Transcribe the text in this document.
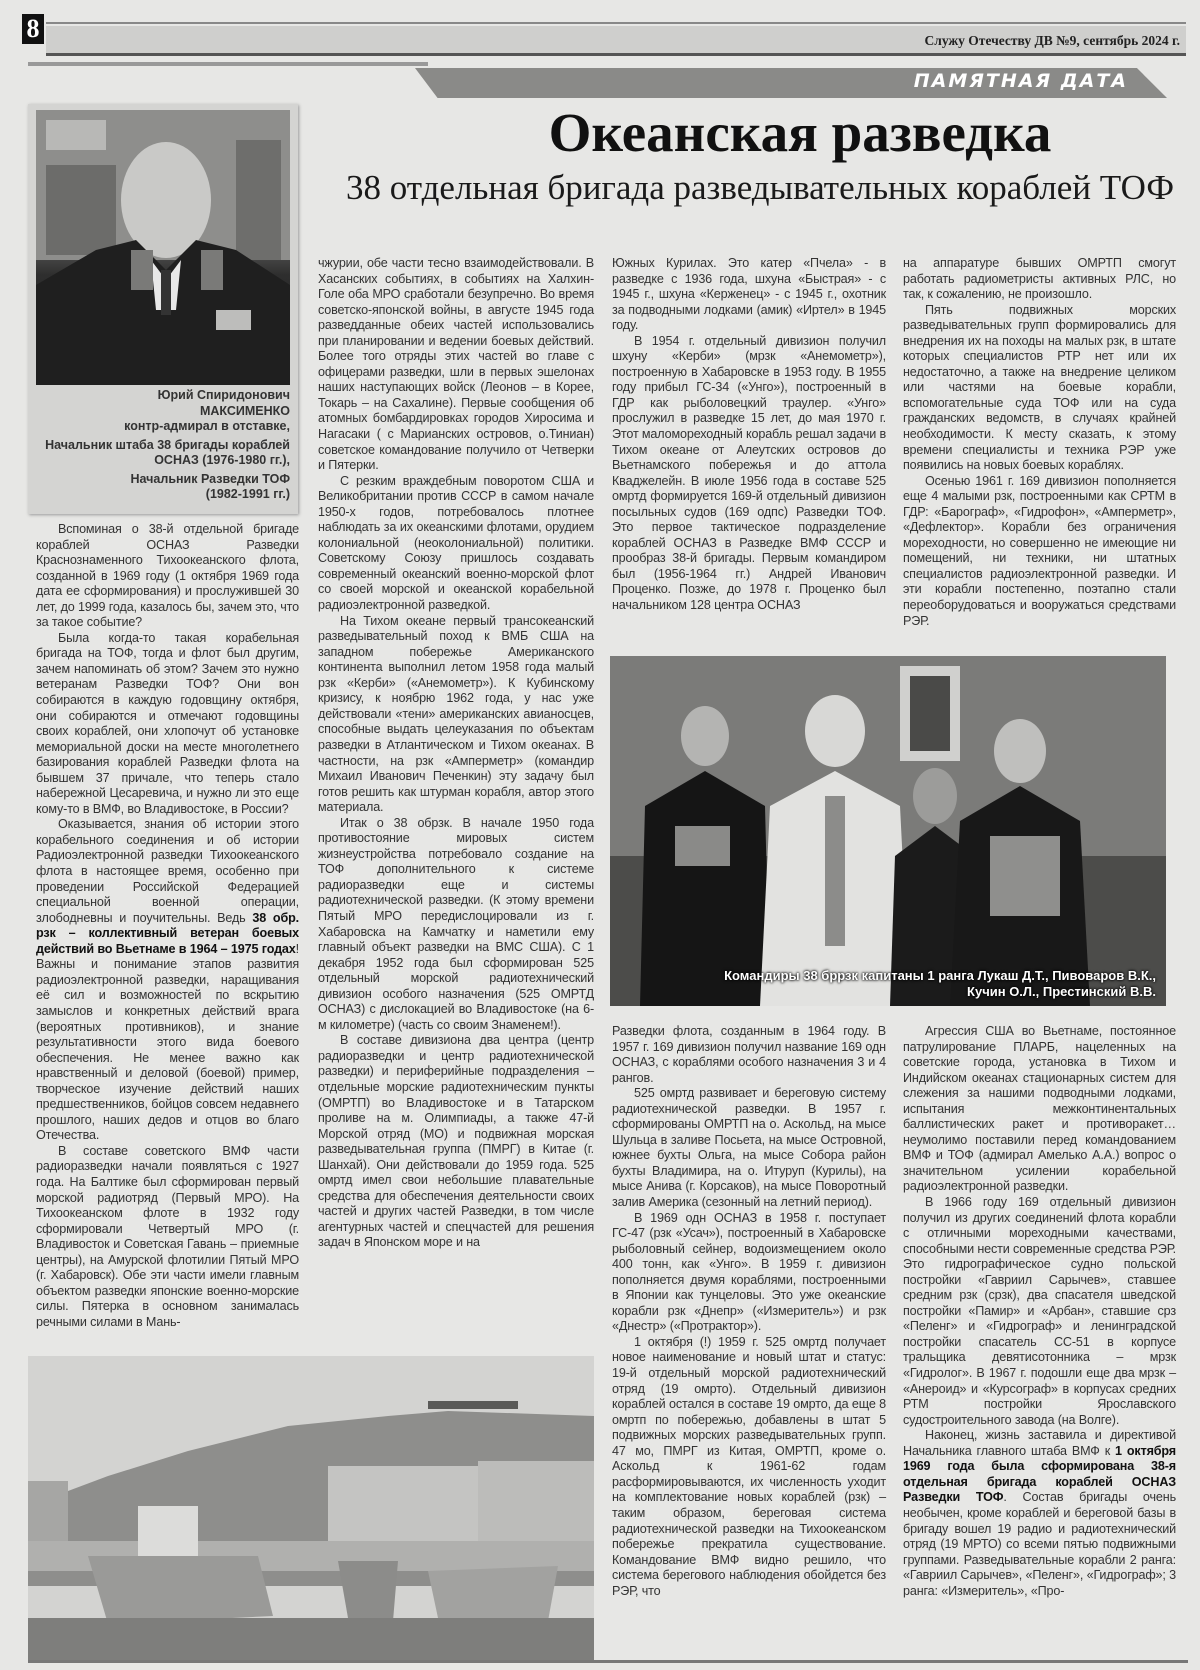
8	Служу Отечеству ДВ №9, сентябрь 2024 г.
ПАМЯТНАЯ ДАТА
Океанская разведка
38 отдельная бригада разведывательных кораблей ТОФ
Юрий Спиридонович
МАКСИМЕНКО
контр-адмирал в отставке,
Начальник штаба 38 бригады кораблей ОСНАЗ (1976-1980 гг.),
Начальник Разведки ТОФ
(1982-1991 гг.)

Вспоминая о 38-й отдельной бригаде кораблей ОСНАЗ Разведки Краснознаменного Тихоокеанского флота, созданной в 1969 году (1 октября 1969 года дата ее сформирования) и прослужившей 30 лет, до 1999 года, казалось бы, зачем это, что за такое событие?

Была когда-то такая корабельная бригада на ТОФ, тогда и флот был другим, зачем напоминать об этом? Зачем это нужно ветеранам Разведки ТОФ? Они вон собираются в каждую годовщину октября, они собираются и отмечают годовщины своих кораблей, они хлопочут об установке мемориальной доски на месте многолетнего базирования кораблей Разведки флота на бывшем 37 причале, что теперь стало набережной Цесаревича, и нужно ли это еще кому-то в ВМФ, во Владивостоке, в России?

Оказывается, знания об истории этого корабельного соединения и об истории Радиоэлектронной разведки Тихоокеанского флота в настоящее время, особенно при проведении Российской Федерацией специальной военной операции, злободневны и поучительны. Ведь 38 обр. рзк – коллективный ветеран боевых действий во Вьетнаме в 1964 – 1975 годах! Важны и понимание этапов развития радиоэлектронной разведки, наращивания её сил и возможностей по вскрытию замыслов и конкретных действий врага (вероятных противников), и знание результативности этого вида боевого обеспечения. Не менее важно как нравственный и деловой (боевой) пример, творческое изучение действий наших предшественников, бойцов совсем недавнего прошлого, наших дедов и отцов во благо Отечества.

В составе советского ВМФ части радиоразведки начали появляться с 1927 года. На Балтике был сформирован первый морской радиотряд (Первый МРО). На Тихоокеанском флоте в 1932 году сформировали Четвертый МРО (г. Владивосток и Советская Гавань – приемные центры), на Амурской флотилии Пятый МРО (г. Хабаровск). Обе эти части имели главным объектом разведки японские военно-морские силы. Пятерка в основном занималась речными силами в Мань-

чжурии, обе части тесно взаимодействовали. В Хасанских событиях, в событиях на Халхин-Голе оба МРО сработали безупречно. Во время советско-японской войны, в августе 1945 года разведданные обеих частей использовались при планировании и ведении боевых действий. Более того отряды этих частей во главе с офицерами разведки, шли в первых эшелонах наших наступающих войск (Леонов – в Корее, Токарь – на Сахалине). Первые сообщения об атомных бомбардировках городов Хиросима и Нагасаки ( с Марианских островов, о.Тиниан) советское командование получило от Четверки и Пятерки.

С резким враждебным поворотом США и Великобритании против СССР в самом начале 1950-х годов, потребовалось плотнее наблюдать за их океанскими флотами, орудием колониальной (неоколониальной) политики. Советскому Союзу пришлось создавать современный океанский военно-морской флот со своей морской и океанской корабельной радиоэлектронной разведкой.

На Тихом океане первый трансокеанский разведывательный поход к ВМБ США на западном побережье Американского континента выполнил летом 1958 года малый рзк «Керби» («Анемометр»). К Кубинскому кризису, к ноябрю 1962 года, у нас уже действовали «тени» американских авианосцев, способные выдать целеуказания по объектам разведки в Атлантическом и Тихом океанах. В частности, на рзк «Амперметр» (командир Михаил Иванович Печенкин) эту задачу был готов решить как штурман корабля, автор этого материала.

Итак о 38 обрзк. В начале 1950 года противостояние мировых систем жизнеустройства потребовало создание на ТОФ дополнительного к системе радиоразведки еще и системы радиотехнической разведки. (К этому времени Пятый МРО передислоцировали из г. Хабаровска на Камчатку и наметили ему главный объект разведки на ВМС США). С 1 декабря 1952 года был сформирован 525 отдельный морской радиотехнический дивизион особого назначения (525 ОМРТД ОСНАЗ) с дислокацией во Владивостоке (на 6-м километре) (часть со своим Знаменем!).

В составе дивизиона два центра (центр радиоразведки и центр радиотехнической разведки) и периферийные подразделения – отдельные морские радиотехническим пункты (ОМРТП) во Владивостоке и в Татарском проливе на м. Олимпиады, а также 47-й Морской отряд (МО) и подвижная морская разведывательная группа (ПМРГ) в Китае (г. Шанхай). Они действовали до 1959 года. 525 омртд имел свои небольшие плавательные средства для обеспечения деятельности своих частей и других частей Разведки, в том числе агентурных частей и спецчастей для решения задач в Японском море и на

Южных Курилах. Это катер «Пчела» - в разведке с 1936 года, шхуна «Быстрая» - с 1945 г., шхуна «Керженец» - с 1945 г., охотник за подводными лодками (амик) «Иртел» в 1945 году.

В 1954 г. отдельный дивизион получил шхуну «Керби» (мрзк «Анемометр»), построенную в Хабаровске в 1953 году. В 1955 году прибыл ГС-34 («Унго»), построенный в ГДР как рыболовецкий траулер. «Унго» прослужил в разведке 15 лет, до мая 1970 г. Этот маломореходный корабль решал задачи в Тихом океане от Алеутских островов до Вьетнамского побережья и до аттола Кваджелейн. В июле 1956 года в составе 525 омртд формируется 169-й отдельный дивизион посыльных судов (169 одпс) Разведки ТОФ. Это первое тактическое подразделение кораблей ОСНАЗ в Разведке ВМФ СССР и прообраз 38-й бригады. Первым командиром был (1956-1964 гг.) Андрей Иванович Проценко. Позже, до 1978 г. Проценко был начальником 128 центра ОСНАЗ

на аппаратуре бывших ОМРТП смогут работать радиометристы активных РЛС, но так, к сожалению, не произошло.

Пять подвижных морских разведывательных групп формировались для внедрения их на походы на малых рзк, в штате которых специалистов РТР нет или их недостаточно, а также на внедрение целиком или частями на боевые корабли, вспомогательные суда ТОФ или на суда гражданских ведомств, в случаях крайней необходимости. К месту сказать, к этому времени специалисты и техника РЭР уже появились на новых боевых кораблях.

Осенью 1961 г. 169 дивизион пополняется еще 4 малыми рзк, построенными как СРТМ в ГДР: «Барограф», «Гидрофон», «Амперметр», «Дефлектор». Корабли без ограничения мореходности, но совершенно не имеющие ни помещений, ни техники, ни штатных специалистов радиоэлектронной разведки. И эти корабли постепенно, поэтапно стали переоборудоваться и вооружаться средствами РЭР.

Командиры 38 бррзк капитаны 1 ранга Лукаш Д.Т., Пивоваров В.К.,
Кучин О.Л., Престинский В.В.

Разведки флота, созданным в 1964 году. В 1957 г. 169 дивизион получил название 169 одн ОСНАЗ, с кораблями особого назначения 3 и 4 рангов.

525 омртд развивает и береговую систему радиотехнической разведки. В 1957 г. сформированы ОМРТП на о. Аскольд, на мысе Шульца в заливе Посьета, на мысе Островной, южнее бухты Ольга, на мысе Собора район бухты Владимира, на о. Итуруп (Курилы), на мысе Анива (г. Корсаков), на мысе Поворотный залив Америка (сезонный на летний период).

В 1969 одн ОСНАЗ в 1958 г. поступает ГС-47 (рзк «Усач»), построенный в Хабаровске рыболовный сейнер, водоизмещением около 400 тонн, как «Унго». В 1959 г. дивизион пополняется двумя кораблями, построенными в Японии как тунцеловы. Это уже океанские корабли рзк «Днепр» («Измеритель») и рзк «Днестр» («Протрактор»).

1 октября (!) 1959 г. 525 омртд получает новое наименование и новый штат и статус: 19-й отдельный морской радиотехнический отряд (19 омрто). Отдельный дивизион кораблей остался в составе 19 омрто, да еще 8 омртп по побережью, добавлены в штат 5 подвижных морских разведывательных групп. 47 мо, ПМРГ из Китая, ОМРТП, кроме о. Аскольд к 1961-62 годам расформировываются, их численность уходит на комплектование новых кораблей (рзк) – таким образом, береговая система радиотехнической разведки на Тихоокеанском побережье прекратила существование. Командование ВМФ видно решило, что система берегового наблюдения обойдется без РЭР, что

Агрессия США во Вьетнаме, постоянное патрулирование ПЛАРБ, нацеленных на советские города, установка в Тихом и Индийском океанах стационарных систем для слежения за нашими подводными лодками, испытания межконтинентальных баллистических ракет и противоракет… неумолимо поставили перед командованием ВМФ и ТОФ (адмирал Амелько А.А.) вопрос о значительном усилении корабельной радиоэлектронной разведки.

В 1966 году 169 отдельный дивизион получил из других соединений флота корабли с отличными мореходными качествами, способными нести современные средства РЭР. Это гидрографическое судно польской постройки «Гавриил Сарычев», ставшее средним рзк (срзк), два спасателя шведской постройки «Памир» и «Арбан», ставшие срз «Пеленг» и «Гидрограф» и ленинградской постройки спасатель СС-51 в корпусе тральщика девятисотонника – мрзк «Гидролог». В 1967 г. подошли еще два мрзк – «Анероид» и «Курсограф» в корпусах средних РТМ постройки Ярославского судостроительного завода (на Волге).

Наконец, жизнь заставила и директивой Начальника главного штаба ВМФ к 1 октября 1969 года была сформирована 38-я отдельная бригада кораблей ОСНАЗ Разведки ТОФ. Состав бригады очень необычен, кроме кораблей и береговой базы в бригаду вошел 19 радио и радиотехнический отряд (19 МРТО) со всеми пятью подвижными группами. Разведывательные корабли 2 ранга: «Гавриил Сарычев», «Пеленг», «Гидрограф»; 3 ранга: «Измеритель», «Про-
